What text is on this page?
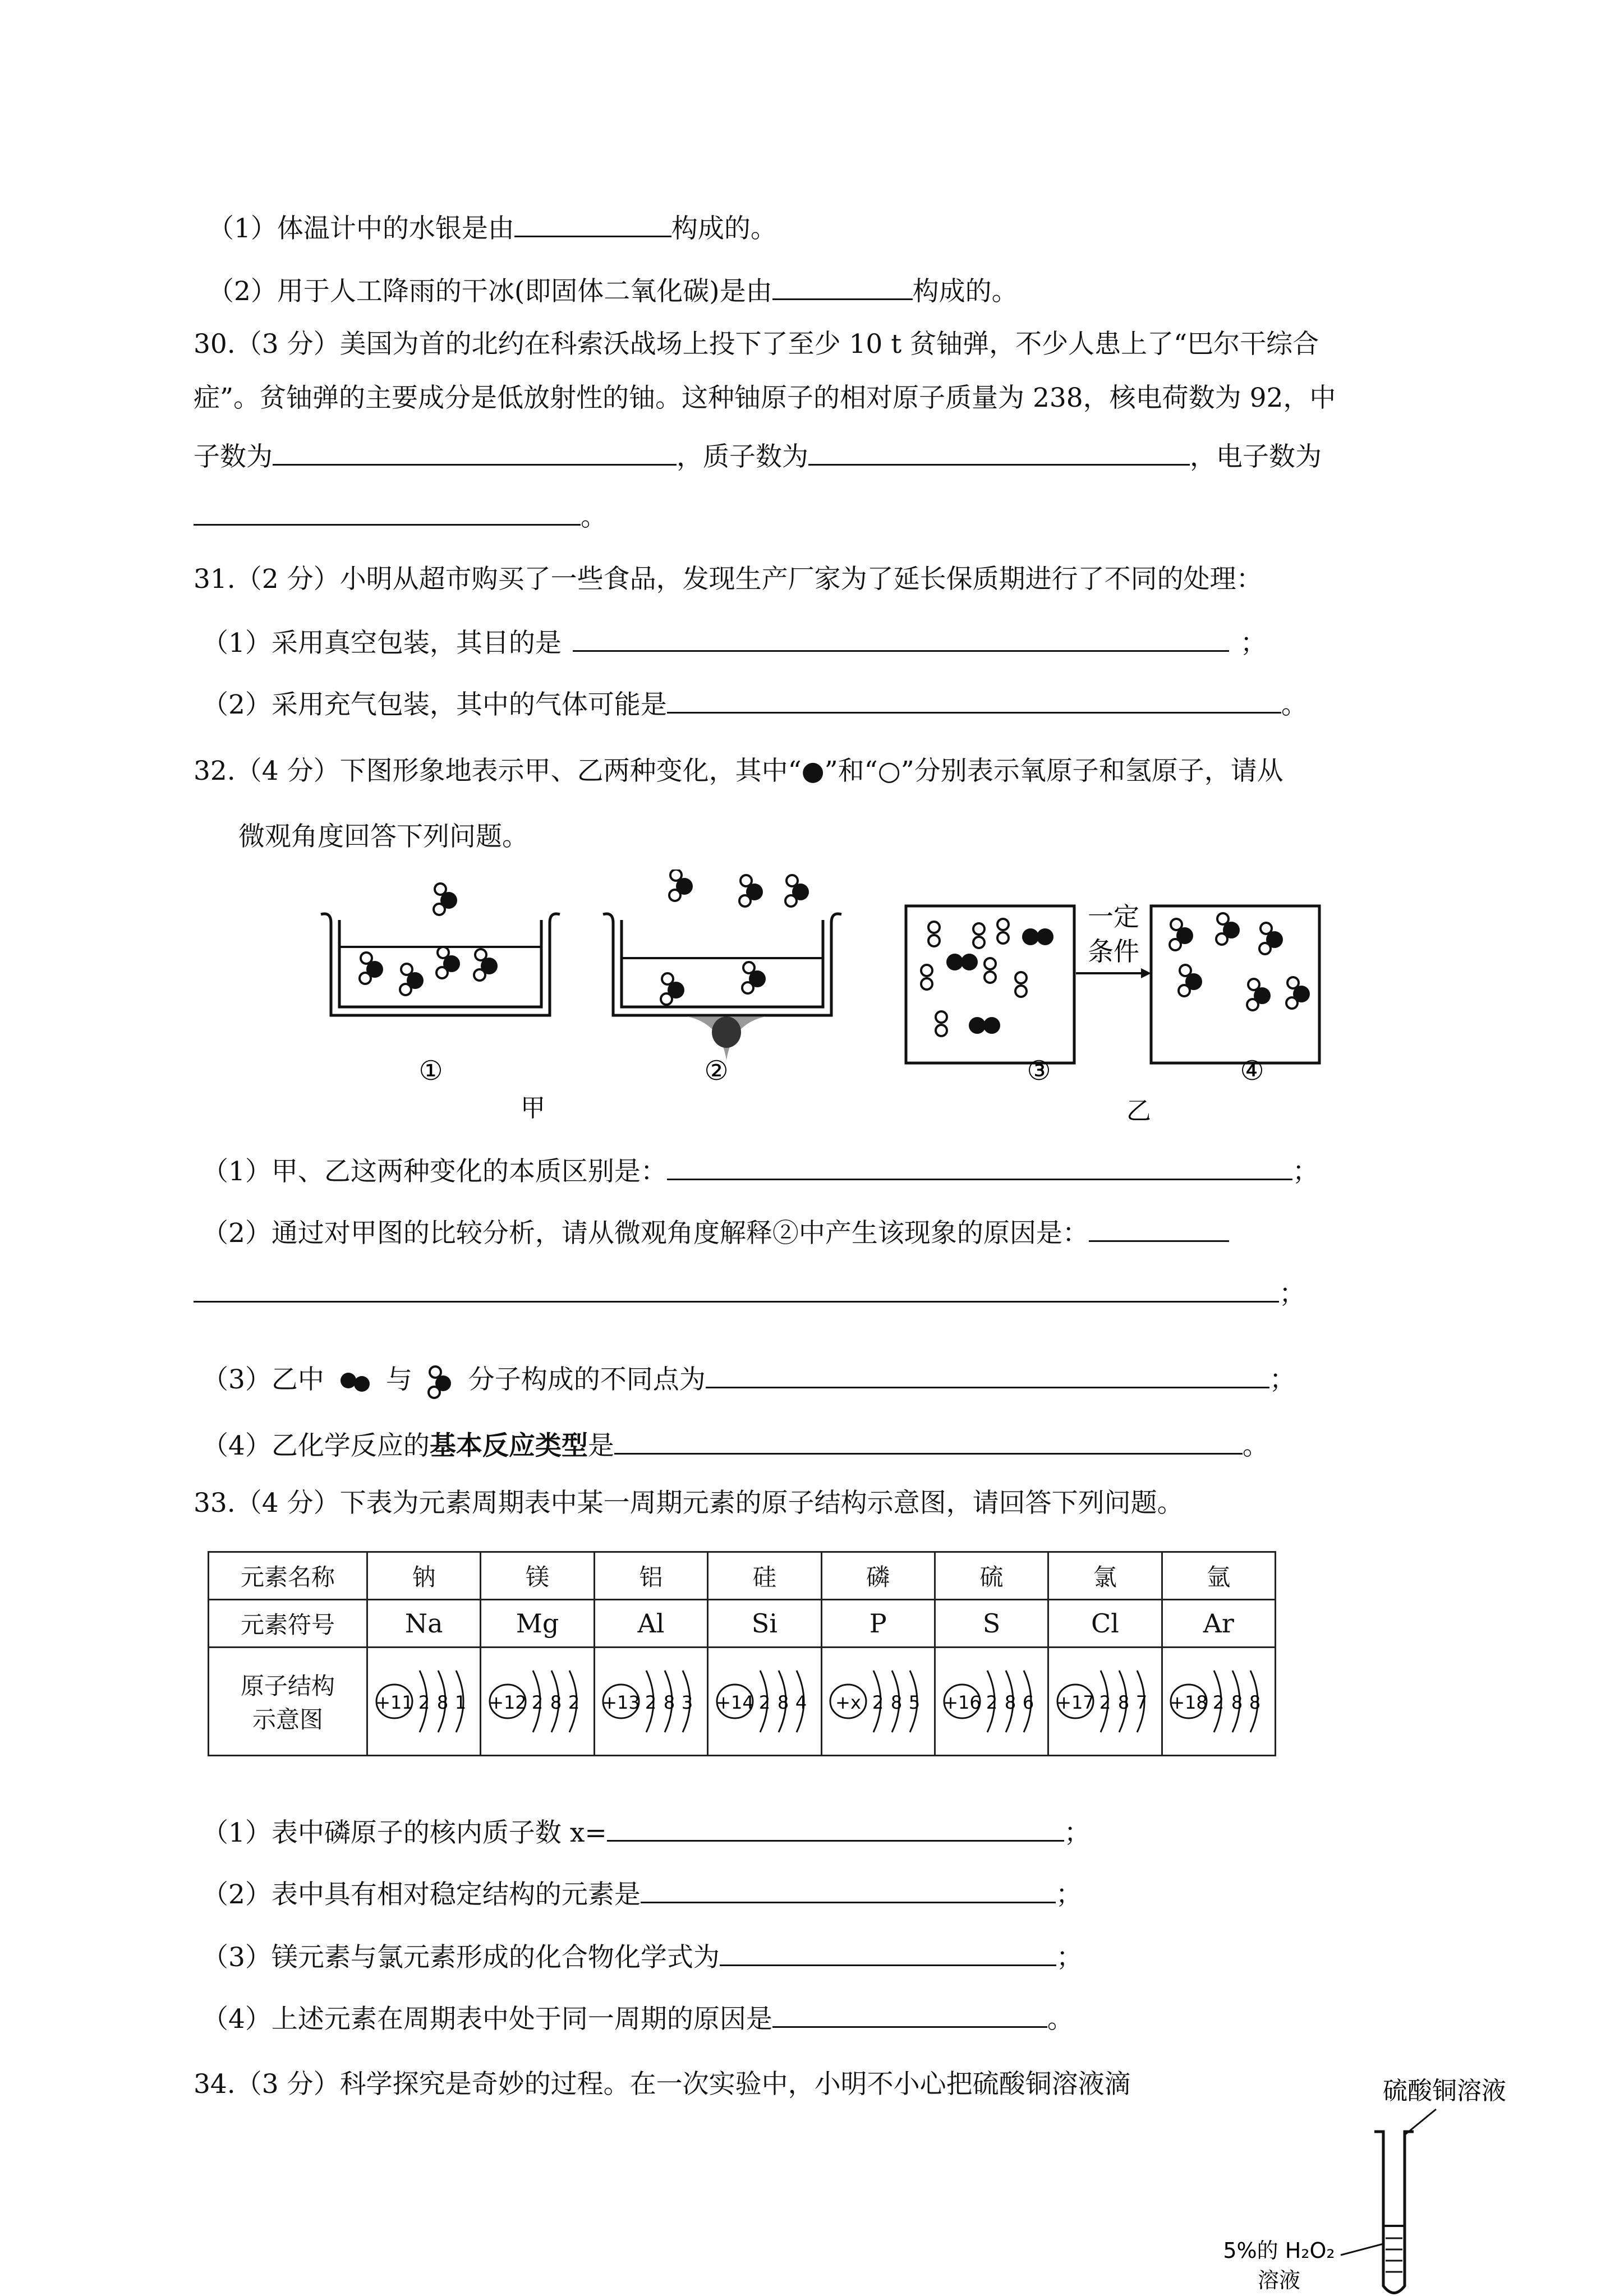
（1）体温计中的水银是由	构成的。
（2）用于人工降雨的干冰(即固体二氧化碳)是由	构成的。
30.（3 分）美国为首的北约在科索沃战场上投下了至少 10 t 贫铀弹，不少人患上了“巴尔干综合
症”。贫铀弹的主要成分是低放射性的铀。这种铀原子的相对原子质量为 238，核电荷数为 92，中
子数为	，质子数为	，电子数为
。
31.（2 分）小明从超市购买了一些食品，发现生产厂家为了延长保质期进行了不同的处理：
（1）采用真空包装，其目的是	；
（2）采用充气包装，其中的气体可能是	。
32.（4 分）下图形象地表示甲、乙两种变化，其中“●”和“○”分别表示氧原子和氢原子，请从
微观角度回答下列问题。
一定
条件
①	②	③	④
甲	乙
（1）甲、乙这两种变化的本质区别是：	；
（2）通过对甲图的比较分析，请从微观角度解释②中产生该现象的原因是：
；
（3）乙中 与 分子构成的不同点为	；
（4）乙化学反应的基本反应类型是	。
33.（4 分）下表为元素周期表中某一周期元素的原子结构示意图，请回答下列问题。
元素名称	钠	镁	铝	硅	磷	硫	氯	氩
元素符号	Na	Mg	Al	Si	P	S	Cl	Ar
原子结构
示意图	+11 2 8 1	+12 2 8 2	+13 2 8 3	+14 2 8 4	+x 2 8 5	+16 2 8 6	+17 2 8 7	+18 2 8 8
（1）表中磷原子的核内质子数 x=	；
（2）表中具有相对稳定结构的元素是	；
（3）镁元素与氯元素形成的化合物化学式为	；
（4）上述元素在周期表中处于同一周期的原因是	。
34.（3 分）科学探究是奇妙的过程。在一次实验中，小明不小心把硫酸铜溶液滴	硫酸铜溶液
5%的 H₂O₂
溶液
